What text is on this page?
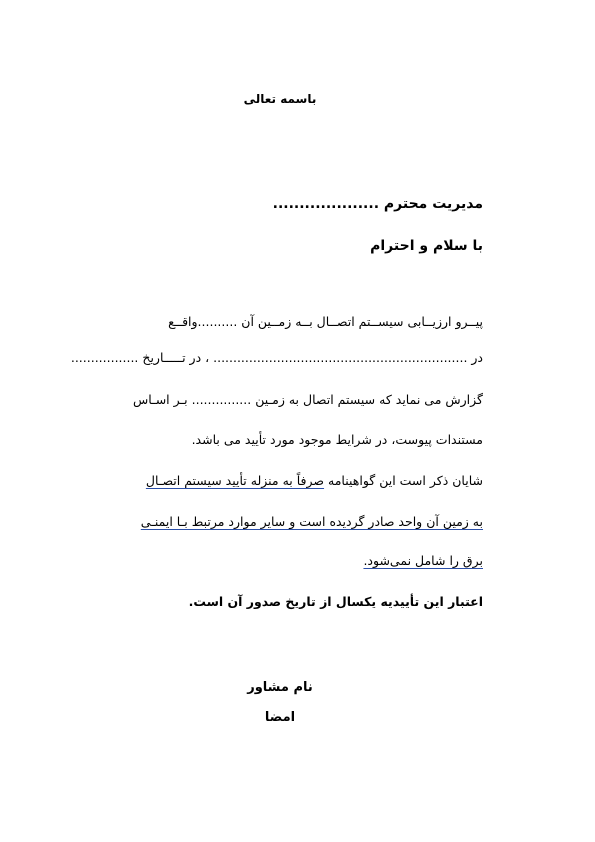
باسمه تعالی
مدیریت محترم ....................
با سلام و احترام
پیــرو ارزیــابی سیســتم اتصــال بــه زمــین آن ..........واقــع
در ................................................................ ، در تـــــاریخ .................
گزارش می نماید که سیستم اتصال به زمـین ............... بـر اسـاس
مستندات پیوست، در شرایط موجود مورد تأیید می باشد.
شایان ذکر است این گواهینامه صرفاً به منزله تأیید سیستم اتصـال
به زمین آن واحد صادر گردیده است و سایر موارد مرتبط بـا ایمنـی
برق را شامل نمی‌شود.
اعتبار این تأییدیه یکسال از تاریخ صدور آن است.
نام مشاور
امضا
